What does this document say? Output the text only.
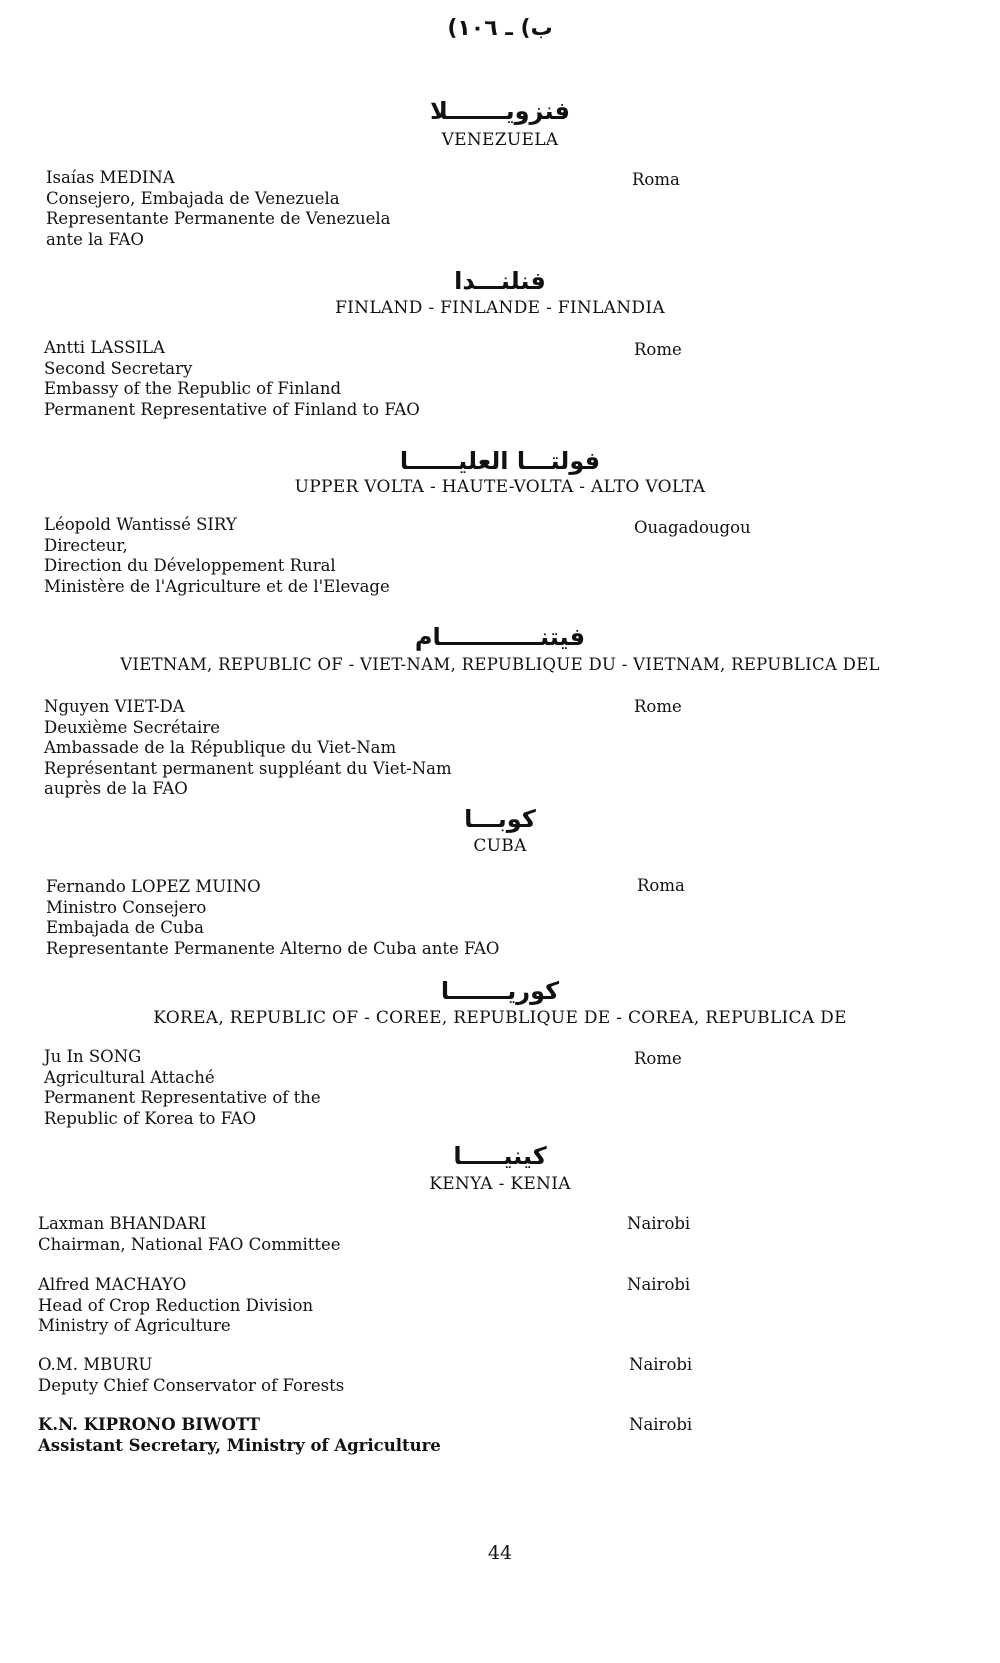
ب) ـ ١٠٦)
فنزويـــــــلا
VENEZUELA
Isaías MEDINA
Consejero, Embajada de Venezuela
Representante Permanente de Venezuela
ante la FAO
Roma
فنلنـــدا
FINLAND - FINLANDE - FINLANDIA
Antti LASSILA
Second Secretary
Embassy of the Republic of Finland
Permanent Representative of Finland to FAO
Rome
فولتـــا العليــــــا
UPPER VOLTA - HAUTE-VOLTA - ALTO VOLTA
Léopold Wantissé SIRY
Directeur,
Direction du Développement Rural
Ministère de l'Agriculture et de l'Elevage
Ouagadougou
فيتنــــــــــــام
VIETNAM, REPUBLIC OF - VIET-NAM, REPUBLIQUE DU - VIETNAM, REPUBLICA DEL
Nguyen VIET-DA
Deuxième Secrétaire
Ambassade de la République du Viet-Nam
Représentant permanent suppléant du Viet-Nam
auprès de la FAO
Rome
كوبـــا
CUBA
Fernando LOPEZ MUINO
Ministro Consejero
Embajada de Cuba
Representante Permanente Alterno de Cuba ante FAO
Roma
كوريـــــــا
KOREA, REPUBLIC OF - COREE, REPUBLIQUE DE - COREA, REPUBLICA DE
Ju In SONG
Agricultural Attaché
Permanent Representative of the
Republic of Korea to FAO
Rome
كينيـــــا
KENYA - KENIA
Laxman BHANDARI
Chairman, National FAO Committee
Nairobi
Alfred MACHAYO
Head of Crop Reduction Division
Ministry of Agriculture
Nairobi
O.M. MBURU
Deputy Chief Conservator of Forests
Nairobi
K.N. KIPRONO BIWOTT
Assistant Secretary, Ministry of Agriculture
Nairobi
44
